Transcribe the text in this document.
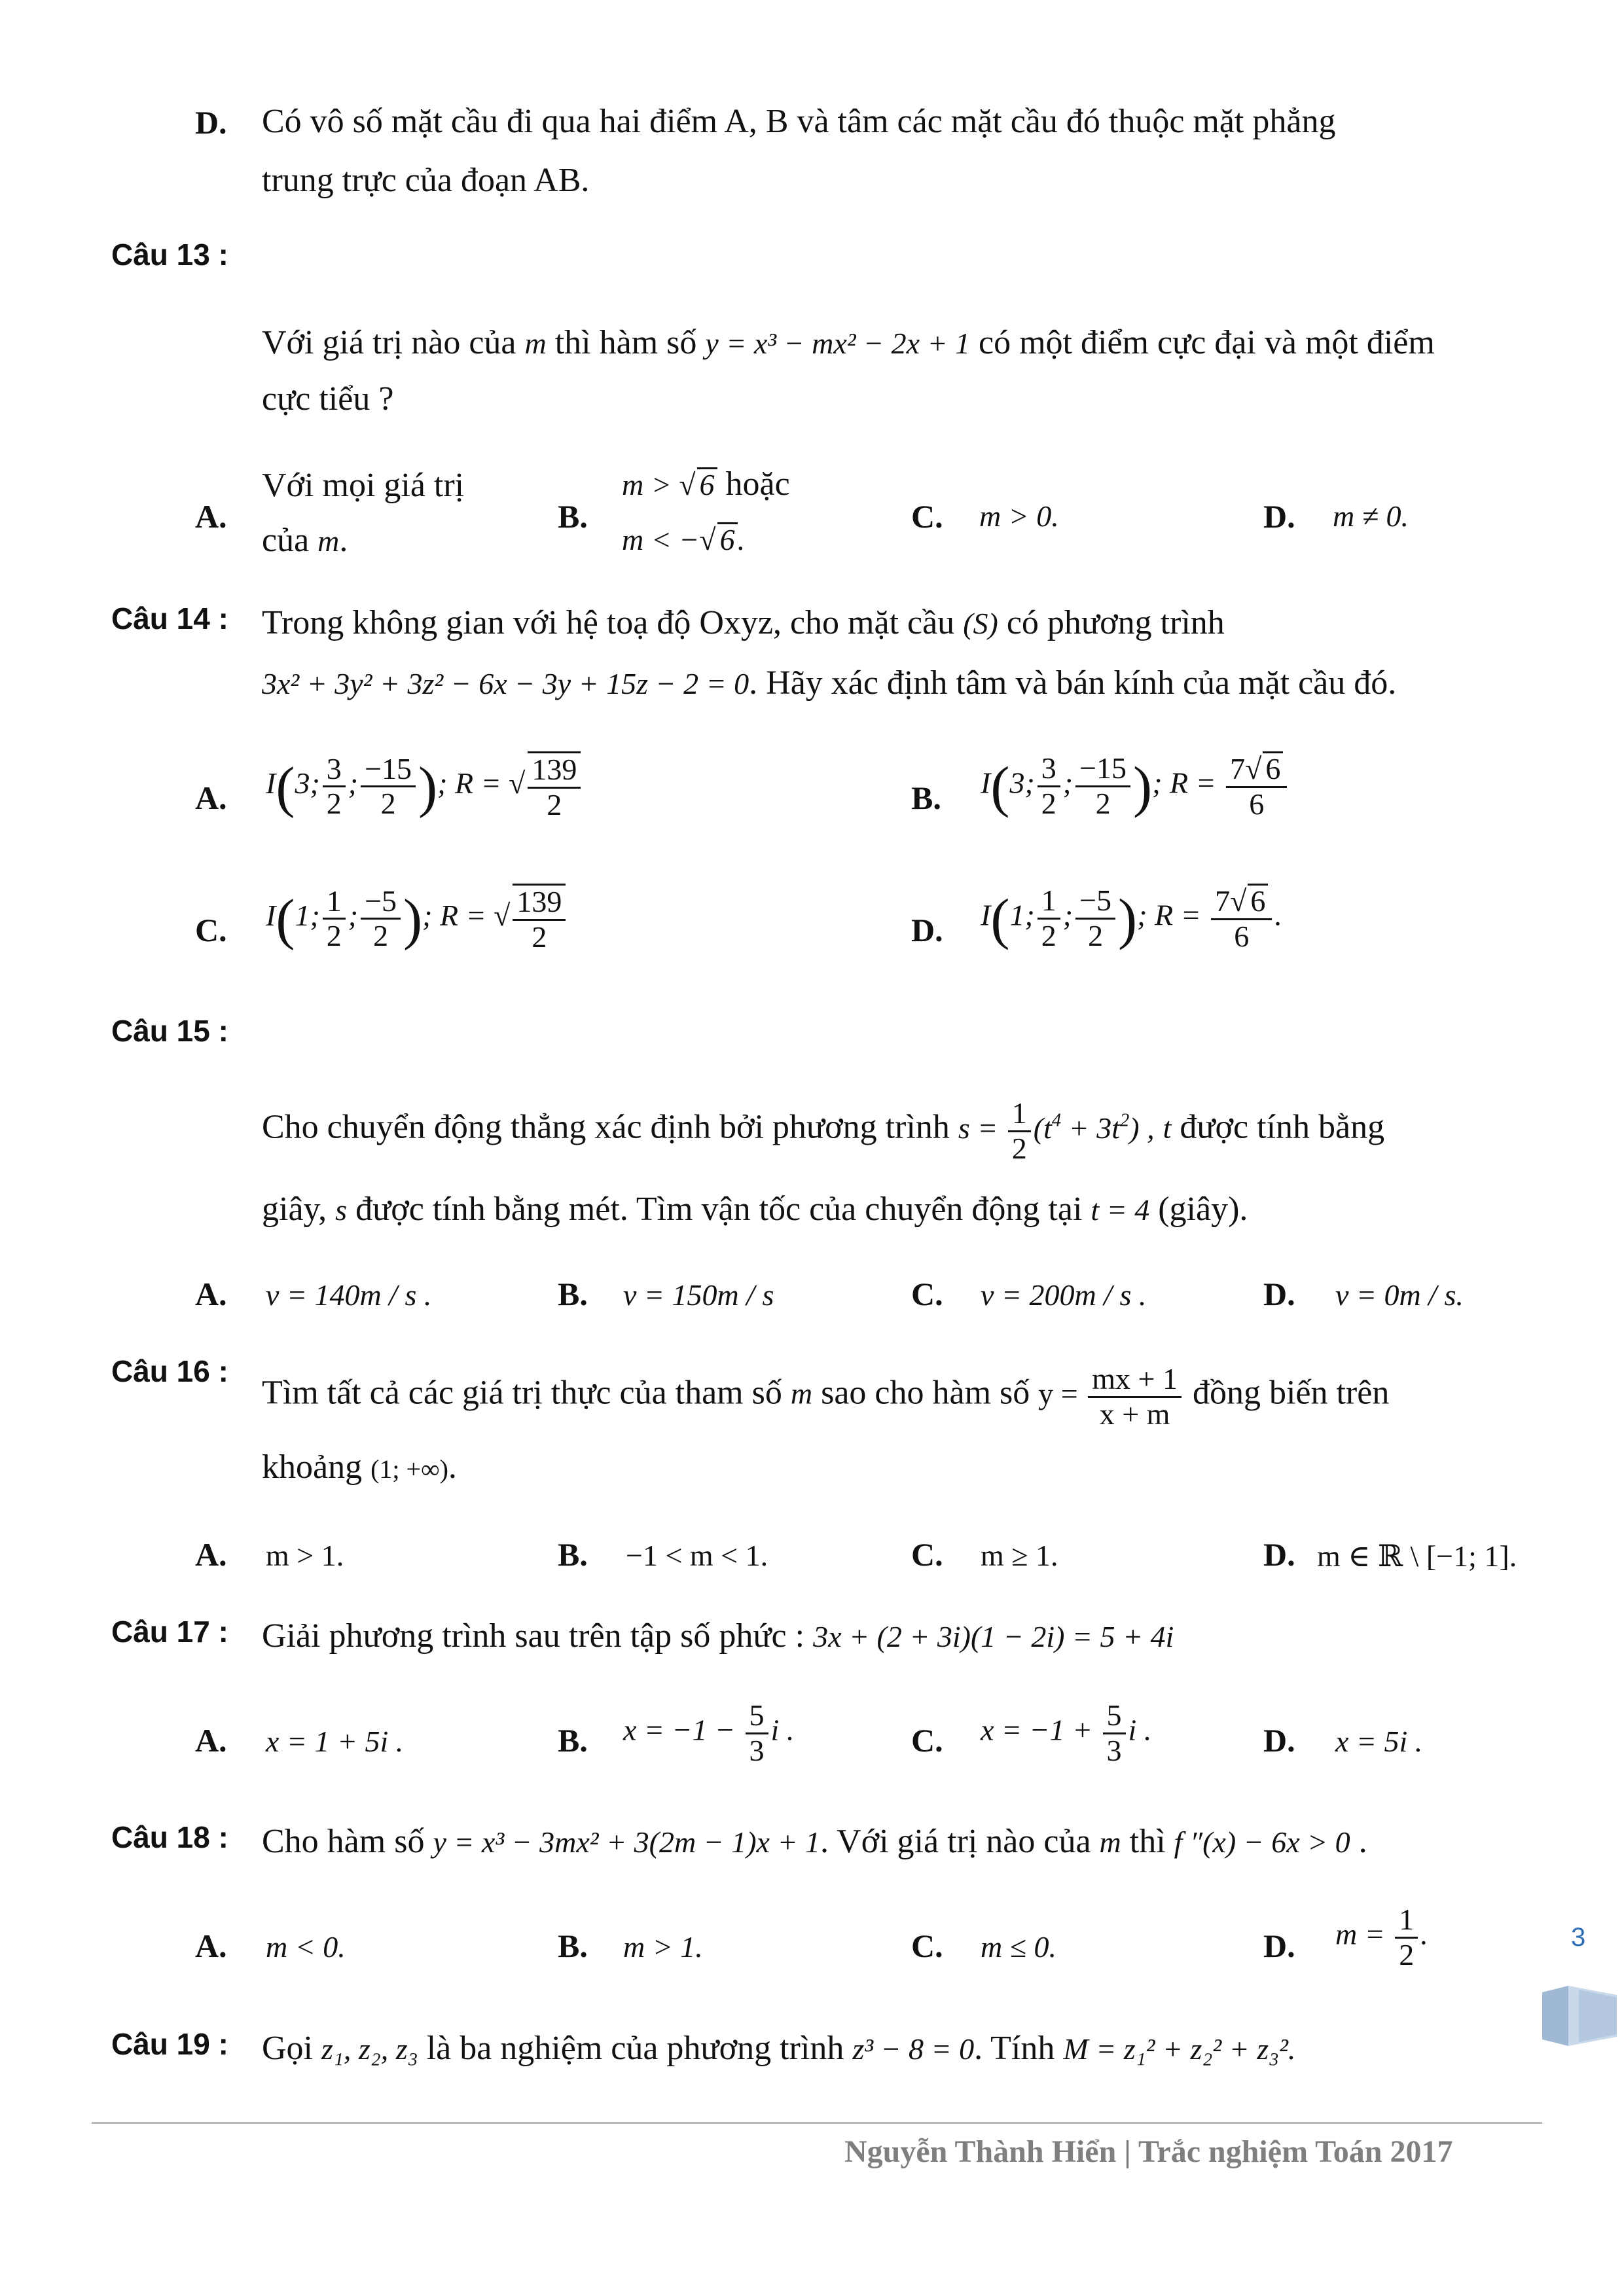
D. Có vô số mặt cầu đi qua hai điểm A, B và tâm các mặt cầu đó thuộc mặt phẳng
trung trực của đoạn AB.
Câu 13 :
Với giá trị nào của m thì hàm số y = x³ − mx² − 2x + 1 có một điểm cực đại và một điểm
cực tiểu ?
A.
Với mọi giá trị
của m.
B.
m > √ 6 hoặc
m < −√ 6.
C. m > 0.	D. m ≠ 0.
Câu 14 : Trong không gian với hệ toạ độ Oxyz, cho mặt cầu (S) có phương trình
3x² + 3y² + 3z² − 6x − 3y + 15z − 2 = 0. Hãy xác định tâm và bán kính của mặt cầu đó.
A. I(3; $\frac{3}{2}$ ; $\frac{-15}{2}$ ); R = √ $\frac{139}{2}$	B. I(3; $\frac{3}{2}$ ; $\frac{-15}{2}$ ); $R = \frac{7√ 6}{6}$
C. I(1; $\frac{1}{2}$ ; $\frac{-5}{2}$ ); R = √ $\frac{139}{2}$	D. I(1; $\frac{1}{2}$ ; $\frac{-5}{2}$ ); $R = \frac{7√ 6}{6}$ .
Câu 15 :
Cho chuyển động thẳng xác định bởi phương trình $s = \frac{1}{2} (t^4 + 3t^2)$ , t được tính bằng
giây, s được tính bằng mét. Tìm vận tốc của chuyển động tại t = 4 (giây).
A. v = 140m / s .	B. v = 150m / s	C. v = 200m / s .	D. v = 0m / s.
Câu 16 :
Tìm tất cả các giá trị thực của tham số m sao cho hàm số $y = \frac{mx + 1}{x + m}$ đồng biến trên
khoảng (1; +∞).
A. m > 1.	B. −1 < m < 1.	C. m ≥ 1.	D. m ∈ ℝ \ [−1; 1].
Câu 17 : Giải phương trình sau trên tập số phức : 3x + (2 + 3i)(1 − 2i) = 5 + 4i
A. x = 1 + 5i .	B. $x = -1 - \frac{5}{3}$ i .	C. $x = -1 + \frac{5}{3}$ i .	D. x = 5i .
Câu 18 : Cho hàm số y = x³ − 3mx² + 3(2m − 1)x + 1. Với giá trị nào của m thì f ″(x) − 6x > 0 .
A. m < 0.	B. m > 1.	C. m ≤ 0.	D. $m = \frac{1}{2}$ .
Câu 19 : Gọi z₁, z₂, z₃ là ba nghiệm của phương trình z³ − 8 = 0. Tính M = z₁² + z₂² + z₃².
3
Nguyễn Thành Hiển | Trắc nghiệm Toán 2017
